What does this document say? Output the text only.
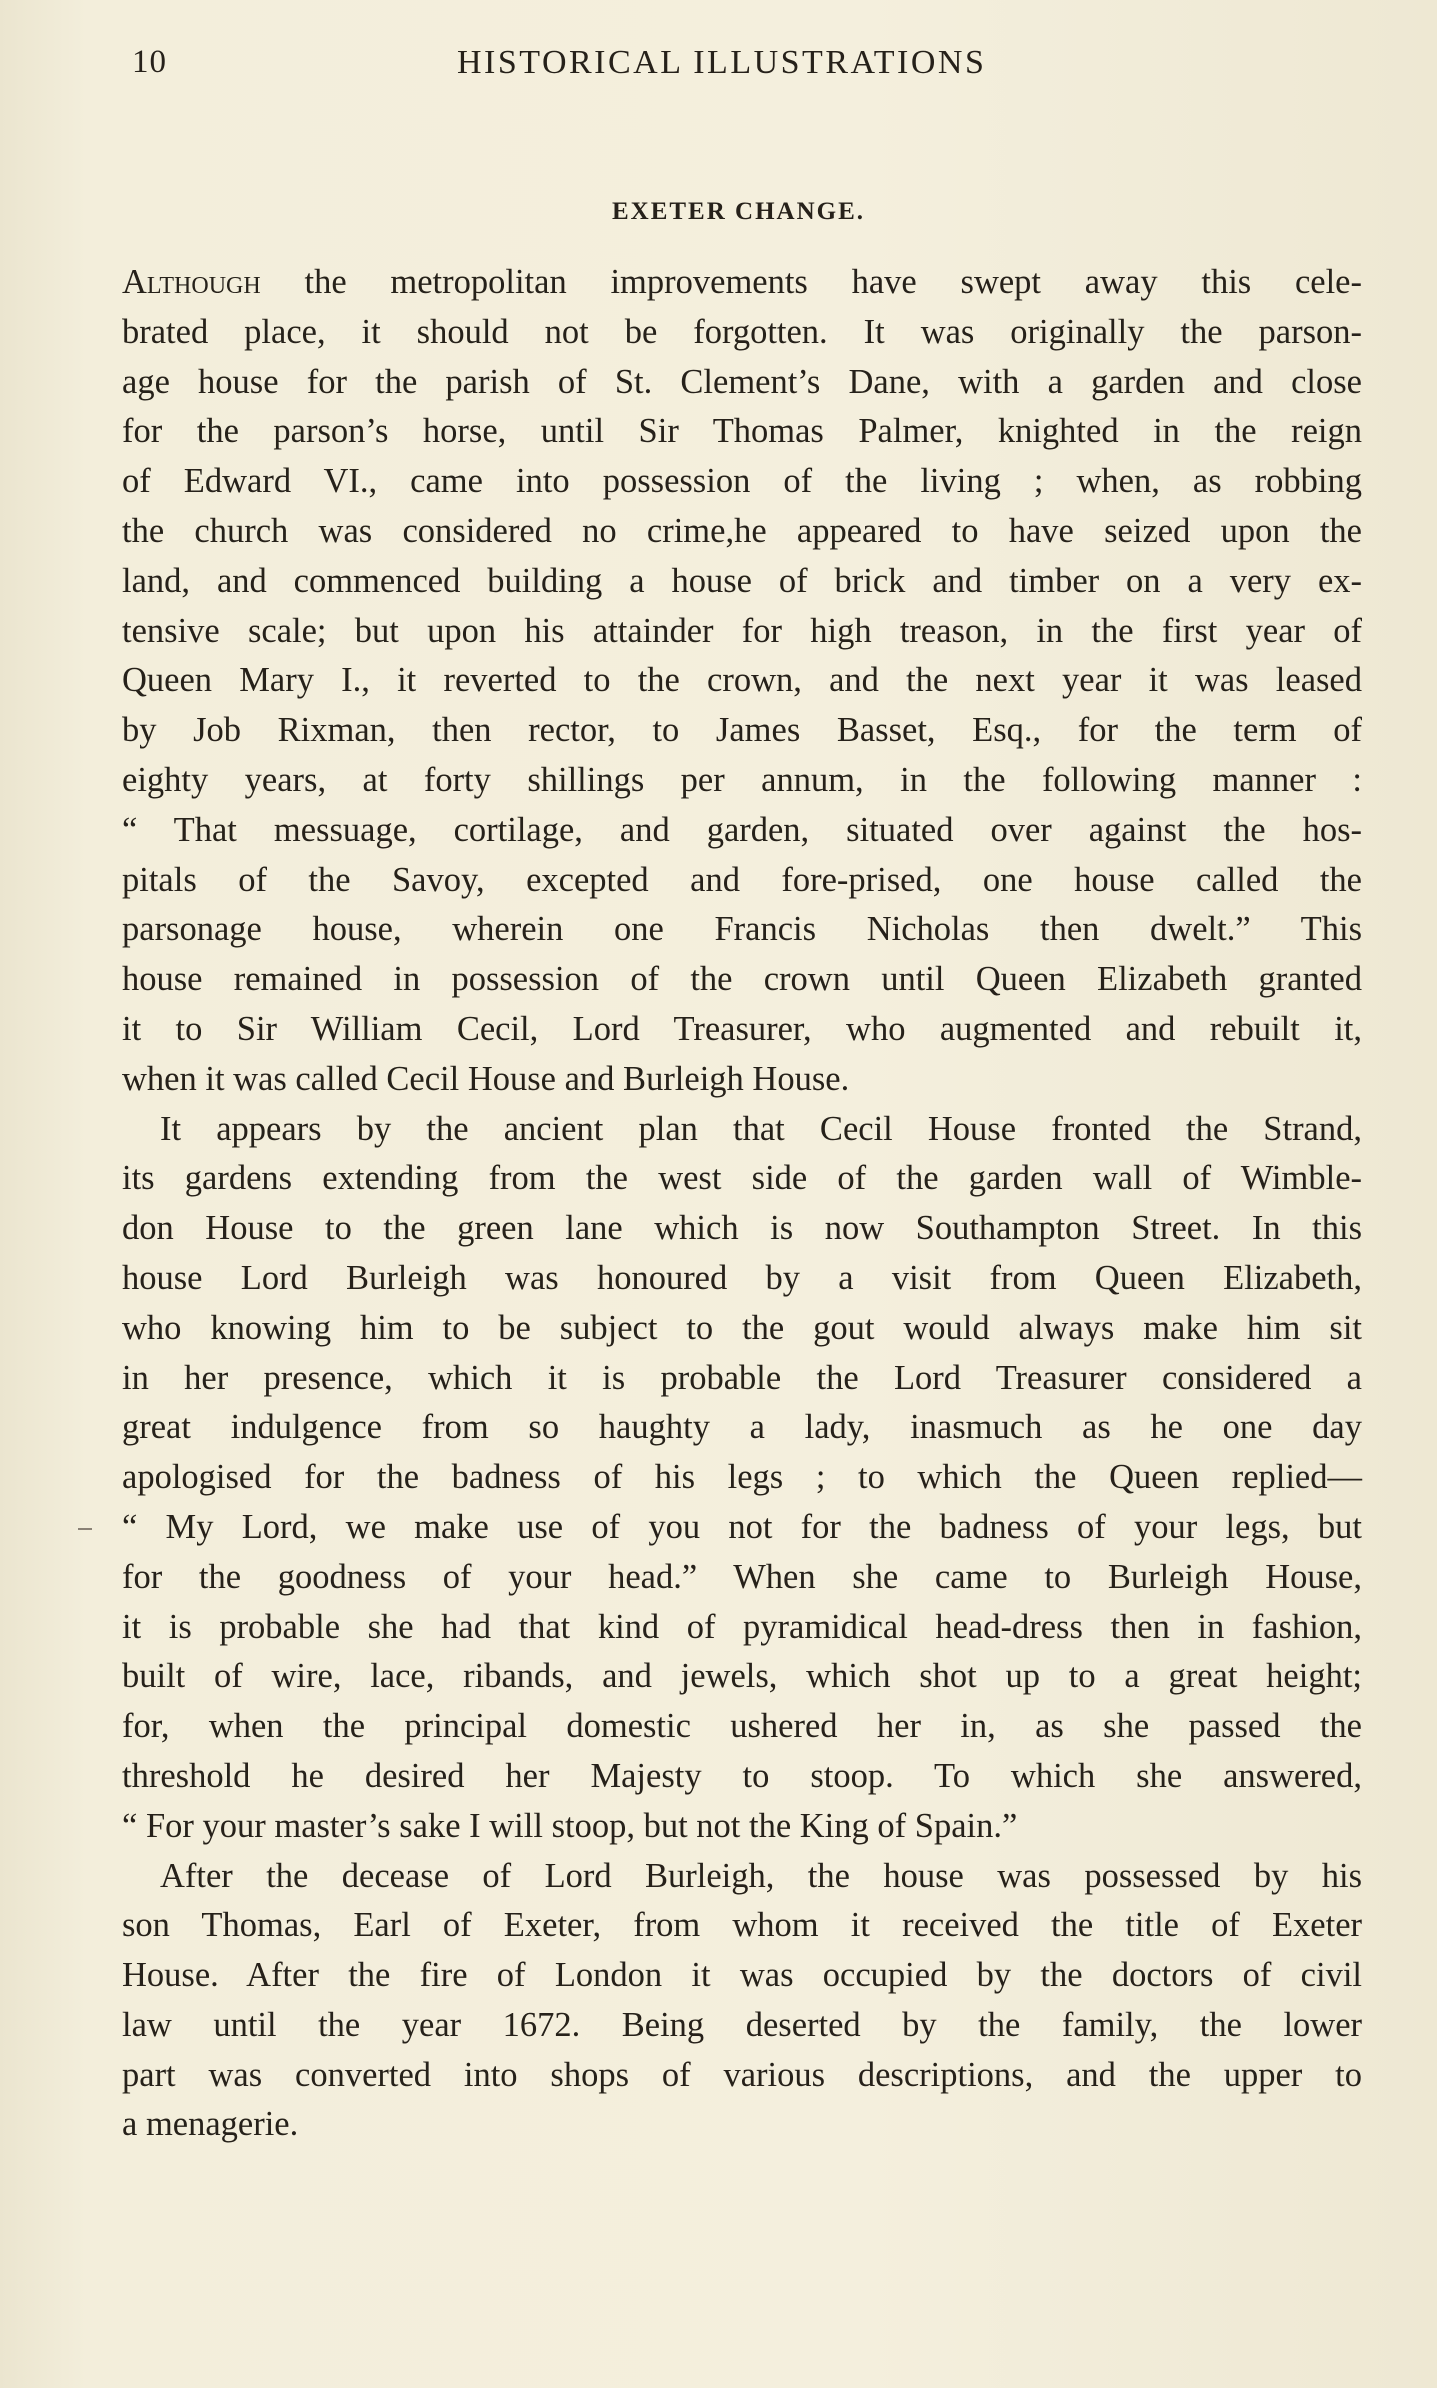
10	HISTORICAL ILLUSTRATIONS
EXETER CHANGE.
Although the metropolitan improvements have swept away this cele-
brated place, it should not be forgotten. It was originally the parson-
age house for the parish of St. Clement’s Dane, with a garden and close
for the parson’s horse, until Sir Thomas Palmer, knighted in the reign
of Edward VI., came into possession of the living ; when, as robbing
the church was considered no crime,he appeared to have seized upon the
land, and commenced building a house of brick and timber on a very ex-
tensive scale; but upon his attainder for high treason, in the first year of
Queen Mary I., it reverted to the crown, and the next year it was leased
by Job Rixman, then rector, to James Basset, Esq., for the term of
eighty years, at forty shillings per annum, in the following manner :
“ That messuage, cortilage, and garden, situated over against the hos-
pitals of the Savoy, excepted and fore-prised, one house called the
parsonage house, wherein one Francis Nicholas then dwelt.” This
house remained in possession of the crown until Queen Elizabeth granted
it to Sir William Cecil, Lord Treasurer, who augmented and rebuilt it,
when it was called Cecil House and Burleigh House.
It appears by the ancient plan that Cecil House fronted the Strand,
its gardens extending from the west side of the garden wall of Wimble-
don House to the green lane which is now Southampton Street. In this
house Lord Burleigh was honoured by a visit from Queen Elizabeth,
who knowing him to be subject to the gout would always make him sit
in her presence, which it is probable the Lord Treasurer considered a
great indulgence from so haughty a lady, inasmuch as he one day
apologised for the badness of his legs ; to which the Queen replied—
“ My Lord, we make use of you not for the badness of your legs, but
for the goodness of your head.” When she came to Burleigh House,
it is probable she had that kind of pyramidical head-dress then in fashion,
built of wire, lace, ribands, and jewels, which shot up to a great height;
for, when the principal domestic ushered her in, as she passed the
threshold he desired her Majesty to stoop. To which she answered,
“ For your master’s sake I will stoop, but not the King of Spain.”
After the decease of Lord Burleigh, the house was possessed by his
son Thomas, Earl of Exeter, from whom it received the title of Exeter
House. After the fire of London it was occupied by the doctors of civil
law until the year 1672. Being deserted by the family, the lower
part was converted into shops of various descriptions, and the upper to
a menagerie.
